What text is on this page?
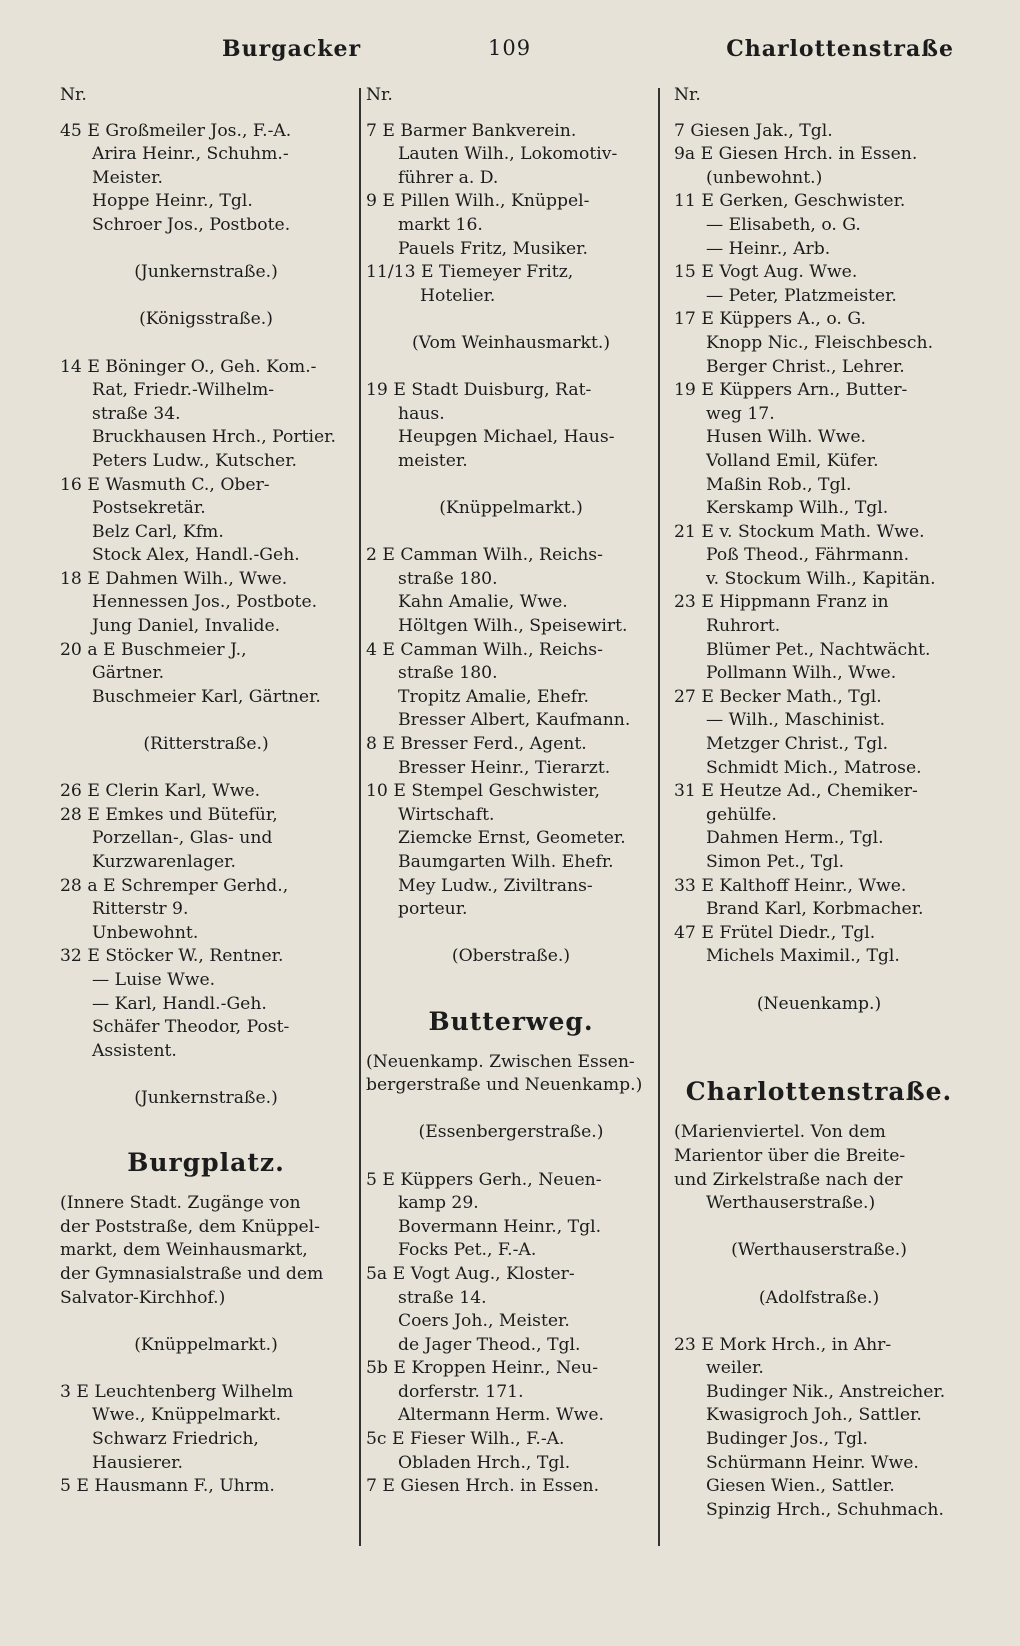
Burgacker	109	Charlottenstraße
Nr.
45 E Großmeiler Jos., F.-A.
Arira Heinr., Schuhm.-
Meister.
Hoppe Heinr., Tgl.
Schroer Jos., Postbote.
(Junkernstraße.)
(Königsstraße.)
14 E Böninger O., Geh. Kom.-
Rat, Friedr.-Wilhelm-
straße 34.
Bruckhausen Hrch., Portier.
Peters Ludw., Kutscher.
16 E Wasmuth C., Ober-
Postsekretär.
Belz Carl, Kfm.
Stock Alex, Handl.-Geh.
18 E Dahmen Wilh., Wwe.
Hennessen Jos., Postbote.
Jung Daniel, Invalide.
20 a E Buschmeier J.,
Gärtner.
Buschmeier Karl, Gärtner.
(Ritterstraße.)
26 E Clerin Karl, Wwe.
28 E Emkes und Bütefür,
Porzellan-, Glas- und
Kurzwarenlager.
28 a E Schremper Gerhd.,
Ritterstr 9.
Unbewohnt.
32 E Stöcker W., Rentner.
— Luise Wwe.
— Karl, Handl.-Geh.
Schäfer Theodor, Post-
Assistent.
(Junkernstraße.)
Burgplatz.
(Innere Stadt. Zugänge von
der Poststraße, dem Knüppel-
markt, dem Weinhausmarkt,
der Gymnasialstraße und dem
Salvator-Kirchhof.)
(Knüppelmarkt.)
3 E Leuchtenberg Wilhelm
Wwe., Knüppelmarkt.
Schwarz Friedrich,
Hausierer.
5 E Hausmann F., Uhrm.
Nr.
7 E Barmer Bankverein.
Lauten Wilh., Lokomotiv-
führer a. D.
9 E Pillen Wilh., Knüppel-
markt 16.
Pauels Fritz, Musiker.
11/13 E Tiemeyer Fritz,
Hotelier.
(Vom Weinhausmarkt.)
19 E Stadt Duisburg, Rat-
haus.
Heupgen Michael, Haus-
meister.
(Knüppelmarkt.)
2 E Camman Wilh., Reichs-
straße 180.
Kahn Amalie, Wwe.
Höltgen Wilh., Speisewirt.
4 E Camman Wilh., Reichs-
straße 180.
Tropitz Amalie, Ehefr.
Bresser Albert, Kaufmann.
8 E Bresser Ferd., Agent.
Bresser Heinr., Tierarzt.
10 E Stempel Geschwister,
Wirtschaft.
Ziemcke Ernst, Geometer.
Baumgarten Wilh. Ehefr.
Mey Ludw., Ziviltrans-
porteur.
(Oberstraße.)
Butterweg.
(Neuenkamp. Zwischen Essen-
bergerstraße und Neuenkamp.)
(Essenbergerstraße.)
5 E Küppers Gerh., Neuen-
kamp 29.
Bovermann Heinr., Tgl.
Focks Pet., F.-A.
5a E Vogt Aug., Kloster-
straße 14.
Coers Joh., Meister.
de Jager Theod., Tgl.
5b E Kroppen Heinr., Neu-
dorferstr. 171.
Altermann Herm. Wwe.
5c E Fieser Wilh., F.-A.
Obladen Hrch., Tgl.
7 E Giesen Hrch. in Essen.
Nr.
7 Giesen Jak., Tgl.
9a E Giesen Hrch. in Essen.
(unbewohnt.)
11 E Gerken, Geschwister.
— Elisabeth, o. G.
— Heinr., Arb.
15 E Vogt Aug. Wwe.
— Peter, Platzmeister.
17 E Küppers A., o. G.
Knopp Nic., Fleischbesch.
Berger Christ., Lehrer.
19 E Küppers Arn., Butter-
weg 17.
Husen Wilh. Wwe.
Volland Emil, Küfer.
Maßin Rob., Tgl.
Kerskamp Wilh., Tgl.
21 E v. Stockum Math. Wwe.
Poß Theod., Fährmann.
v. Stockum Wilh., Kapitän.
23 E Hippmann Franz in
Ruhrort.
Blümer Pet., Nachtwächt.
Pollmann Wilh., Wwe.
27 E Becker Math., Tgl.
— Wilh., Maschinist.
Metzger Christ., Tgl.
Schmidt Mich., Matrose.
31 E Heutze Ad., Chemiker-
gehülfe.
Dahmen Herm., Tgl.
Simon Pet., Tgl.
33 E Kalthoff Heinr., Wwe.
Brand Karl, Korbmacher.
47 E Frütel Diedr., Tgl.
Michels Maximil., Tgl.
(Neuenkamp.)
Charlottenstraße.
(Marienviertel. Von dem
Marientor über die Breite-
und Zirkelstraße nach der
Werthauserstraße.)
(Werthauserstraße.)
(Adolfstraße.)
23 E Mork Hrch., in Ahr-
weiler.
Budinger Nik., Anstreicher.
Kwasigroch Joh., Sattler.
Budinger Jos., Tgl.
Schürmann Heinr. Wwe.
Giesen Wien., Sattler.
Spinzig Hrch., Schuhmach.
